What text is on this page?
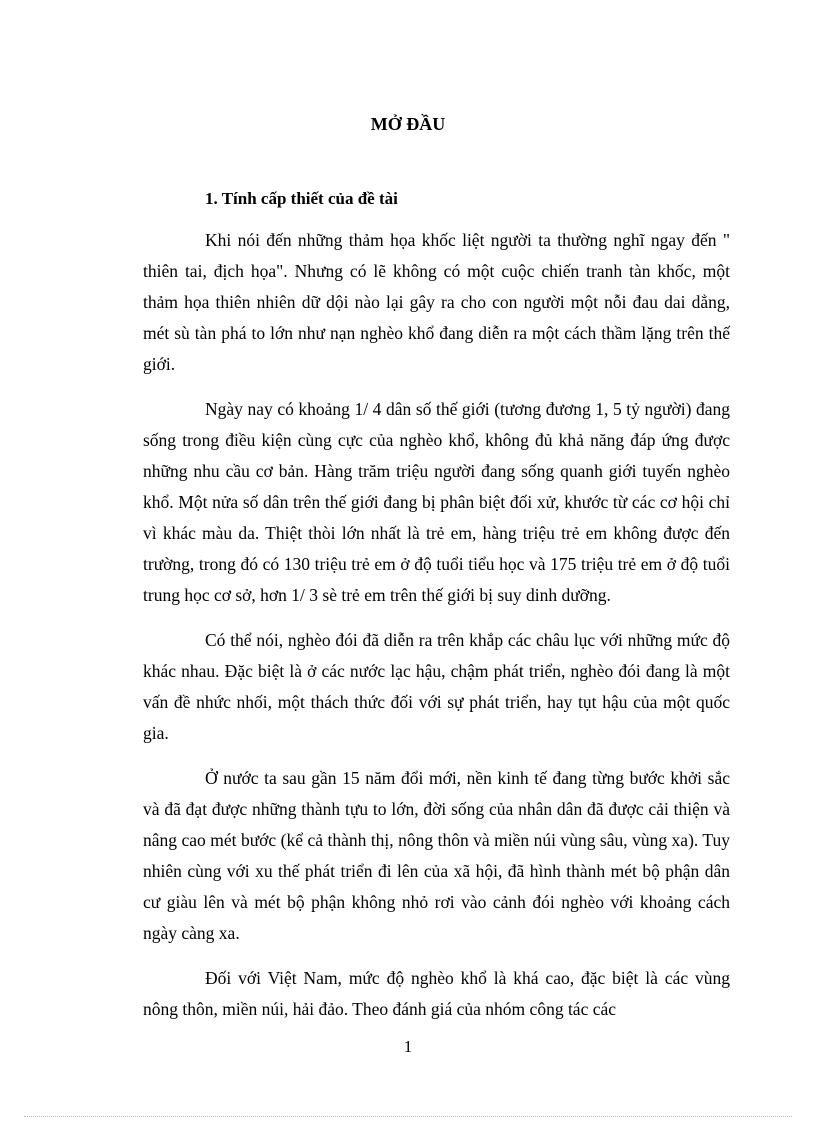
MỞ ĐẦU
1. Tính cấp thiết của đề tài

Khi nói đến những thảm họa khốc liệt người ta thường nghĩ ngay đến " thiên tai, địch họa". Nhưng có lẽ không có một cuộc chiến tranh tàn khốc, một thảm họa thiên nhiên dữ dội nào lại gây ra cho con người một nỗi đau dai dẳng, mét sù tàn phá to lớn như nạn nghèo khổ đang diễn ra một cách thầm lặng trên thế giới.

Ngày nay có khoảng 1/ 4 dân số thế giới (tương đương 1, 5 tỷ người) đang sống trong điều kiện cùng cực của nghèo khổ, không đủ khả năng đáp ứng được những nhu cầu cơ bản. Hàng trăm triệu người đang sống quanh giới tuyến nghèo khổ. Một nửa số dân trên thế giới đang bị phân biệt đối xử, khước từ các cơ hội chỉ vì khác màu da. Thiệt thòi lớn nhất là trẻ em, hàng triệu trẻ em không được đến trường, trong đó có 130 triệu trẻ em ở độ tuổi tiểu học và 175 triệu trẻ em ở độ tuổi trung học cơ sở, hơn 1/ 3 sè trẻ em trên thế giới bị suy dinh dưỡng.

Có thể nói, nghèo đói đã diễn ra trên khắp các châu lục với những mức độ khác nhau. Đặc biệt là ở các nước lạc hậu, chậm phát triển, nghèo đói đang là một vấn đề nhức nhối, một thách thức đối với sự phát triển, hay tụt hậu của một quốc gia.

Ở nước ta sau gần 15 năm đổi mới, nền kinh tế đang từng bước khởi sắc và đã đạt được những thành tựu to lớn, đời sống của nhân dân đã được cải thiện và nâng cao mét bước (kể cả thành thị, nông thôn và miền núi vùng sâu, vùng xa). Tuy nhiên cùng với xu thế phát triển đi lên của xã hội, đã hình thành mét bộ phận dân cư giàu lên và mét bộ phận không nhỏ rơi vào cảnh đói nghèo với khoảng cách ngày càng xa.

Đối với Việt Nam, mức độ nghèo khổ là khá cao, đặc biệt là các vùng nông thôn, miền núi, hải đảo. Theo đánh giá của nhóm công tác các

1
